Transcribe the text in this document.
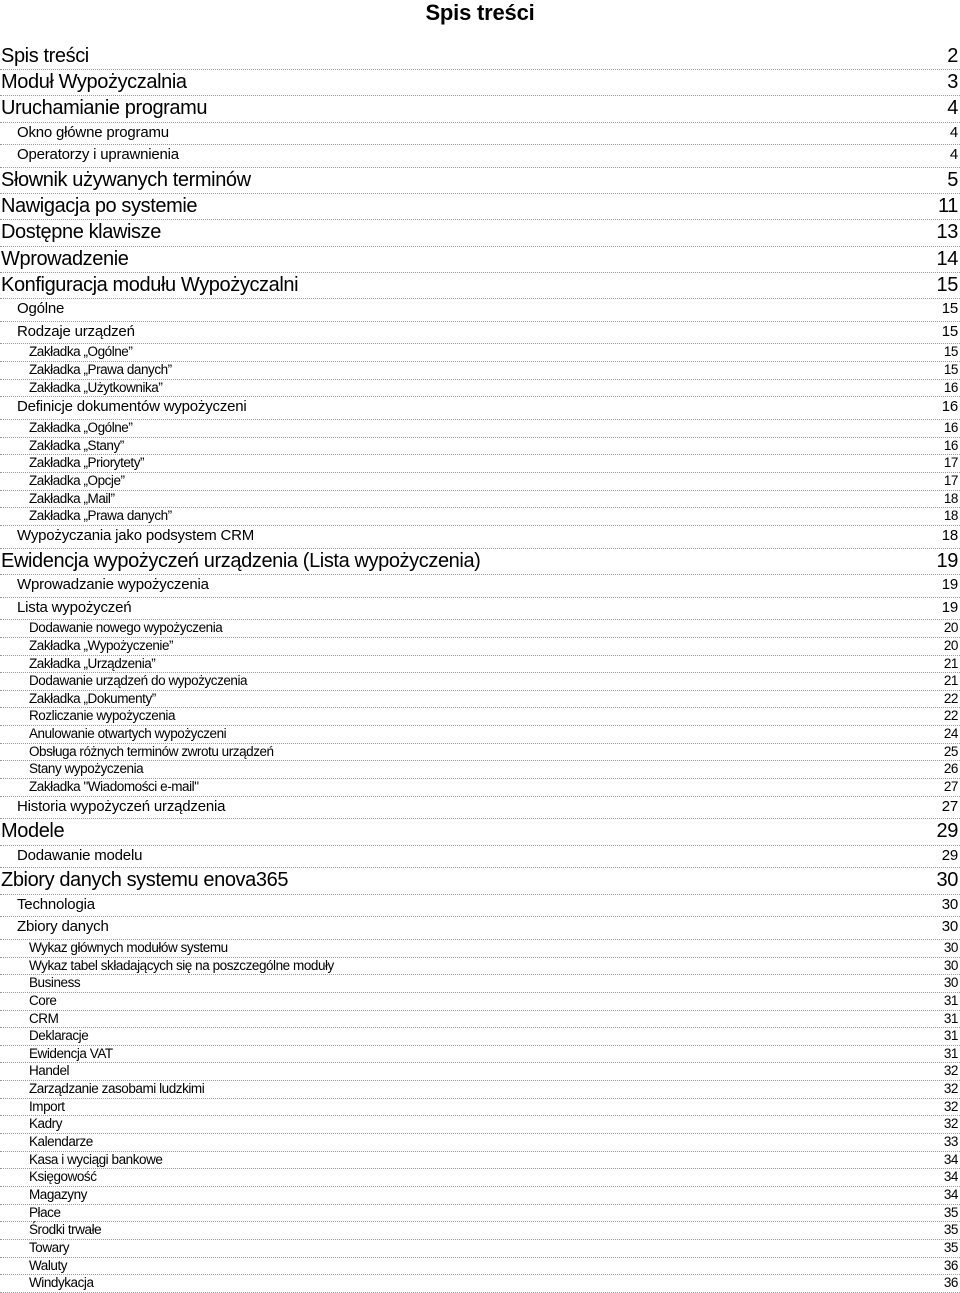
Spis treści
Spis treści	2
Moduł Wypożyczalnia	3
Uruchamianie programu	4
Okno główne programu	4
Operatorzy i uprawnienia	4
Słownik używanych terminów	5
Nawigacja po systemie	11
Dostępne klawisze	13
Wprowadzenie	14
Konfiguracja modułu Wypożyczalni	15
Ogólne	15
Rodzaje urządzeń	15
Zakładka „Ogólne”	15
Zakładka „Prawa danych”	15
Zakładka „Użytkownika”	16
Definicje dokumentów wypożyczeni	16
Zakładka „Ogólne”	16
Zakładka „Stany”	16
Zakładka „Priorytety”	17
Zakładka „Opcje”	17
Zakładka „Mail”	18
Zakładka „Prawa danych”	18
Wypożyczania jako podsystem CRM	18
Ewidencja wypożyczeń urządzenia (Lista wypożyczenia)	19
Wprowadzanie wypożyczenia	19
Lista wypożyczeń	19
Dodawanie nowego wypożyczenia	20
Zakładka „Wypożyczenie”	20
Zakładka „Urządzenia”	21
Dodawanie urządzeń do wypożyczenia	21
Zakładka „Dokumenty”	22
Rozliczanie wypożyczenia	22
Anulowanie otwartych wypożyczeni	24
Obsługa różnych terminów zwrotu urządzeń	25
Stany wypożyczenia	26
Zakładka "Wiadomości e-mail"	27
Historia wypożyczeń urządzenia	27
Modele	29
Dodawanie modelu	29
Zbiory danych systemu enova365	30
Technologia	30
Zbiory danych	30
Wykaz głównych modułów systemu	30
Wykaz tabel składających się na poszczególne moduły	30
Business	30
Core	31
CRM	31
Deklaracje	31
Ewidencja VAT	31
Handel	32
Zarządzanie zasobami ludzkimi	32
Import	32
Kadry	32
Kalendarze	33
Kasa i wyciągi bankowe	34
Księgowość	34
Magazyny	34
Płace	35
Środki trwałe	35
Towary	35
Waluty	36
Windykacja	36
